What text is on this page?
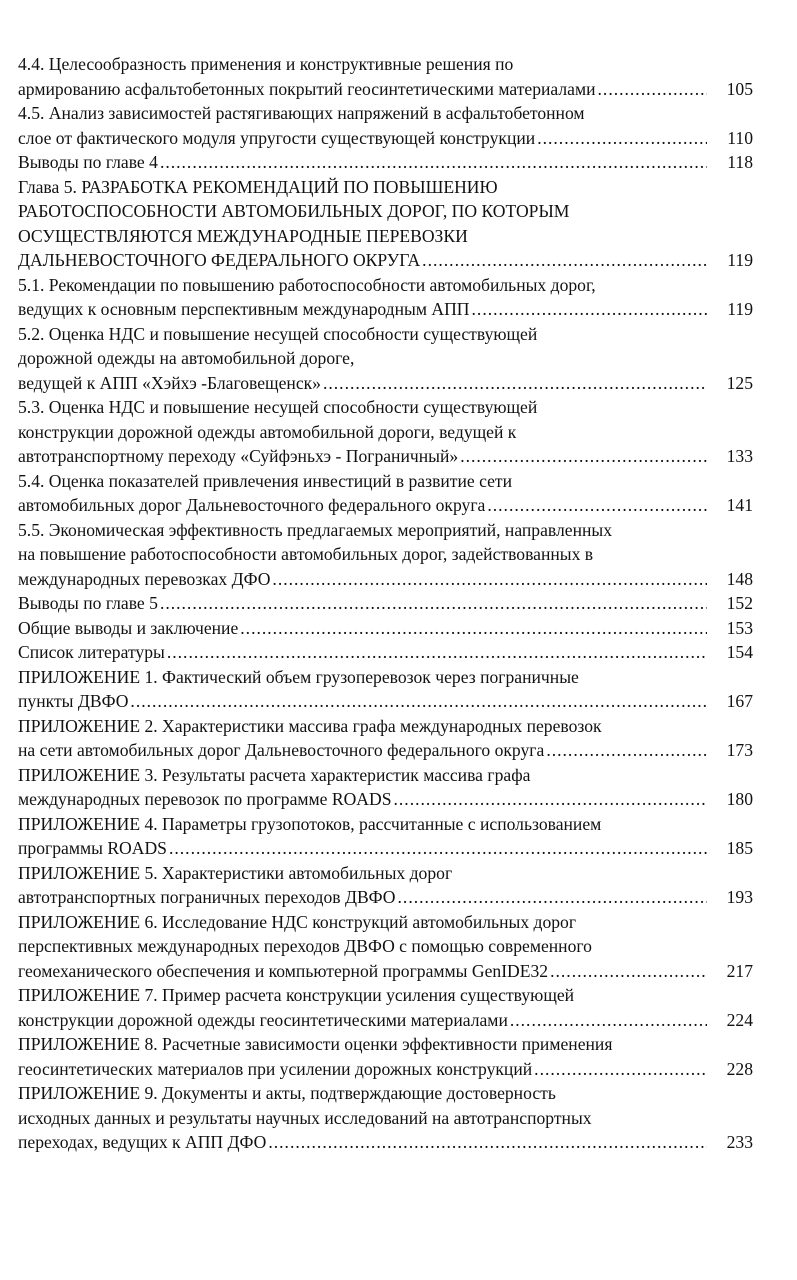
4.4. Целесообразность применения и конструктивные решения по
армированию асфальтобетонных покрытий геосинтетическими материалами .....	105
4.5. Анализ зависимостей растягивающих напряжений в асфальтобетонном
слое от фактического модуля упругости существующей конструкции .....	110
Выводы по главе 4 .....	118
Глава 5. РАЗРАБОТКА РЕКОМЕНДАЦИЙ ПО ПОВЫШЕНИЮ
РАБОТОСПОСОБНОСТИ АВТОМОБИЛЬНЫХ ДОРОГ, ПО КОТОРЫМ
ОСУЩЕСТВЛЯЮТСЯ МЕЖДУНАРОДНЫЕ ПЕРЕВОЗКИ
ДАЛЬНЕВОСТОЧНОГО ФЕДЕРАЛЬНОГО ОКРУГА .....	119
5.1. Рекомендации по повышению работоспособности автомобильных дорог,
ведущих к основным перспективным международным АПП .....	119
5.2. Оценка НДС и повышение несущей способности существующей
дорожной одежды на автомобильной дороге,
ведущей к АПП «Хэйхэ -Благовещенск» .....	125
5.3. Оценка НДС и повышение несущей способности существующей
конструкции дорожной одежды автомобильной дороги, ведущей к
автотранспортному переходу «Суйфэньхэ - Пограничный» .....	133
5.4. Оценка показателей привлечения инвестиций в развитие сети
автомобильных дорог Дальневосточного федерального округа .....	141
5.5. Экономическая эффективность предлагаемых мероприятий, направленных
на повышение работоспособности автомобильных дорог, задействованных в
международных перевозках ДФО .....	148
Выводы по главе 5 .....	152
Общие выводы и заключение .....	153
Список литературы .....	154
ПРИЛОЖЕНИЕ 1. Фактический объем грузоперевозок через пограничные
пункты ДВФО .....	167
ПРИЛОЖЕНИЕ 2. Характеристики массива графа международных перевозок
на сети автомобильных дорог Дальневосточного федерального округа .....	173
ПРИЛОЖЕНИЕ 3. Результаты расчета характеристик массива графа
международных перевозок по программе ROADS .....	180
ПРИЛОЖЕНИЕ 4. Параметры грузопотоков, рассчитанные с использованием
программы ROADS .....	185
ПРИЛОЖЕНИЕ 5. Характеристики автомобильных дорог
автотранспортных пограничных переходов ДВФО .....	193
ПРИЛОЖЕНИЕ 6. Исследование НДС конструкций автомобильных дорог
перспективных международных переходов ДВФО с помощью современного
геомеханического обеспечения и компьютерной программы GenIDE32 .....	217
ПРИЛОЖЕНИЕ 7. Пример расчета конструкции усиления существующей
конструкции дорожной одежды геосинтетическими материалами .....	224
ПРИЛОЖЕНИЕ 8. Расчетные зависимости оценки эффективности применения
геосинтетических материалов при усилении дорожных конструкций .....	228
ПРИЛОЖЕНИЕ 9. Документы и акты, подтверждающие достоверность
исходных данных и результаты научных исследований на автотранспортных
переходах, ведущих к АПП ДФО .....	233
